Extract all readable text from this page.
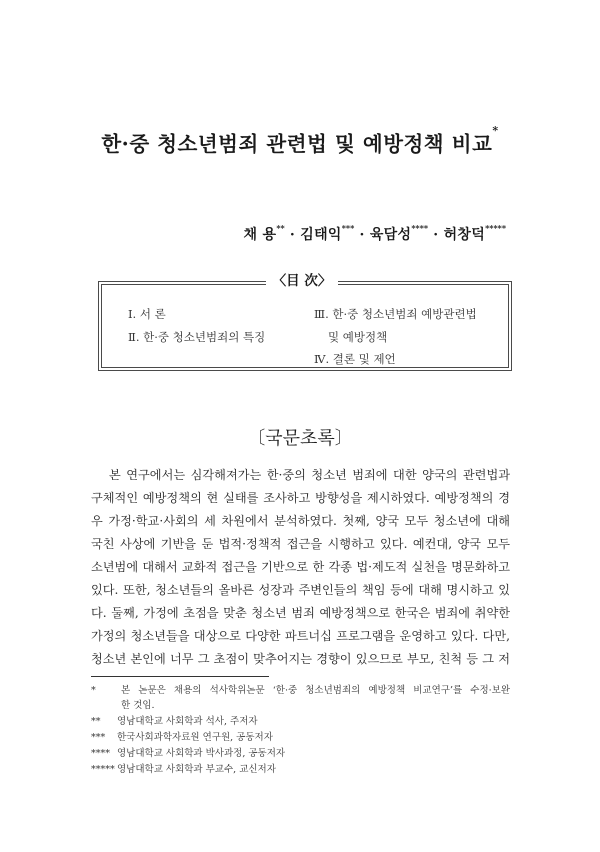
한·중 청소년범죄 관련법 및 예방정책 비교*
채 용** · 김태익*** · 육담성**** · 허창덕*****
〈目 次〉
Ⅰ. 서 론
Ⅱ. 한·중 청소년범죄의 특징
Ⅲ. 한·중 청소년범죄 예방관련법
및 예방정책
Ⅳ. 결론 및 제언
〔국문초록〕
본 연구에서는 심각해져가는 한·중의 청소년 범죄에 대한 양국의 관련법과
구체적인 예방정책의 현 실태를 조사하고 방향성을 제시하였다. 예방정책의 경
우 가정·학교·사회의 세 차원에서 분석하였다. 첫째, 양국 모두 청소년에 대해
국친 사상에 기반을 둔 법적·정책적 접근을 시행하고 있다. 예컨대, 양국 모두
소년범에 대해서 교화적 접근을 기반으로 한 각종 법·제도적 실천을 명문화하고
있다. 또한, 청소년들의 올바른 성장과 주변인들의 책임 등에 대해 명시하고 있
다. 둘째, 가정에 초점을 맞춘 청소년 범죄 예방정책으로 한국은 범죄에 취약한
가정의 청소년들을 대상으로 다양한 파트너십 프로그램을 운영하고 있다. 다만,
청소년 본인에 너무 그 초점이 맞추어지는 경향이 있으므로 부모, 친척 등 그 저
*	본 논문은 채용의 석사학위논문 ‘한·중 청소년범죄의 예방정책 비교연구’를 수정·보완
한 것임.
** 영남대학교 사회학과 석사, 주저자
*** 한국사회과학자료원 연구원, 공동저자
**** 영남대학교 사회학과 박사과정, 공동저자
***** 영남대학교 사회학과 부교수, 교신저자
